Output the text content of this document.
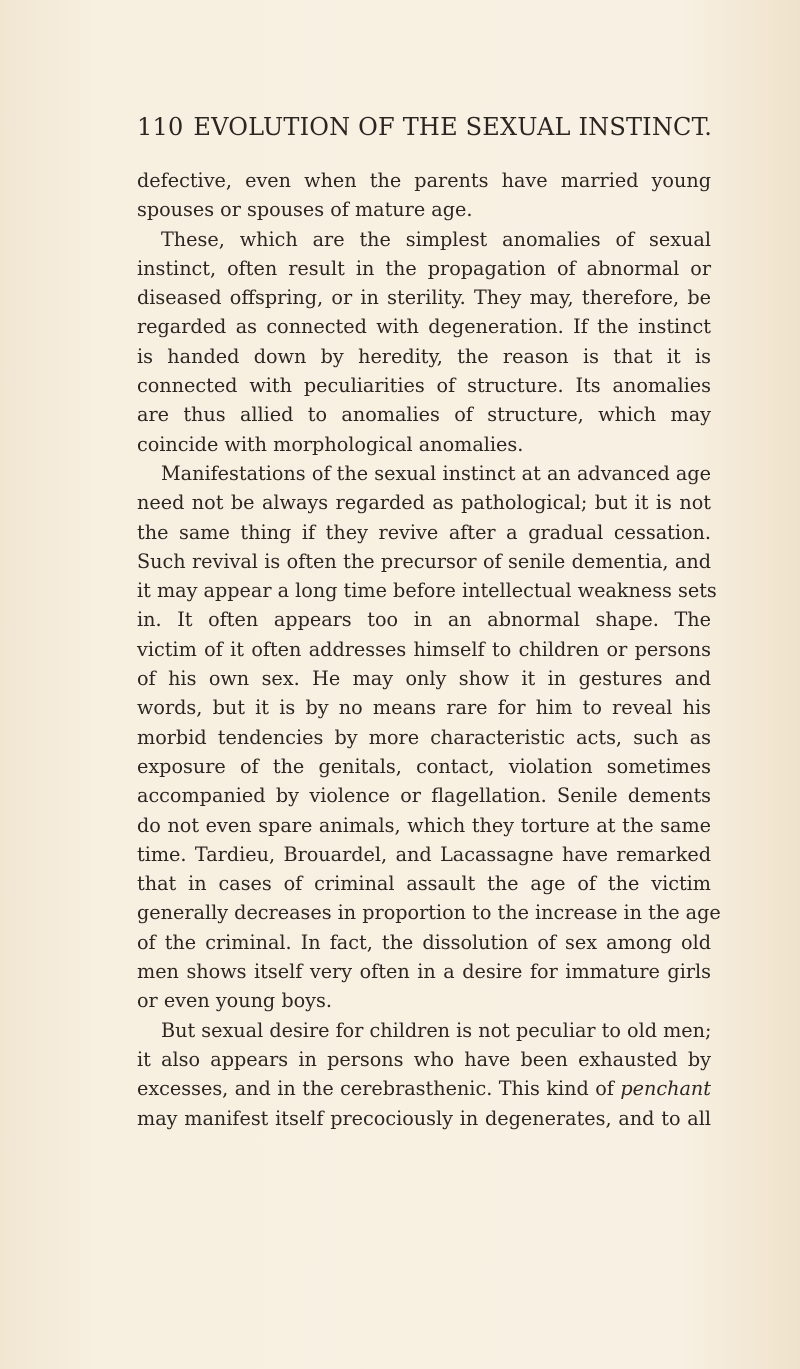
110 EVOLUTION OF THE SEXUAL INSTINCT.
defective, even when the parents have married young
spouses or spouses of mature age.
These, which are the simplest anomalies of sexual
instinct, often result in the propagation of abnormal or
diseased offspring, or in sterility. They may, therefore, be
regarded as connected with degeneration. If the instinct
is handed down by heredity, the reason is that it is
connected with peculiarities of structure. Its anomalies
are thus allied to anomalies of structure, which may
coincide with morphological anomalies.
Manifestations of the sexual instinct at an advanced age
need not be always regarded as pathological; but it is not
the same thing if they revive after a gradual cessation.
Such revival is often the precursor of senile dementia, and
it may appear a long time before intellectual weakness sets
in. It often appears too in an abnormal shape. The
victim of it often addresses himself to children or persons
of his own sex. He may only show it in gestures and
words, but it is by no means rare for him to reveal his
morbid tendencies by more characteristic acts, such as
exposure of the genitals, contact, violation sometimes
accompanied by violence or flagellation. Senile dements
do not even spare animals, which they torture at the same
time. Tardieu, Brouardel, and Lacassagne have remarked
that in cases of criminal assault the age of the victim
generally decreases in proportion to the increase in the age
of the criminal. In fact, the dissolution of sex among old
men shows itself very often in a desire for immature girls
or even young boys.
But sexual desire for children is not peculiar to old men;
it also appears in persons who have been exhausted by
excesses, and in the cerebrasthenic. This kind of penchant
may manifest itself precociously in degenerates, and to all
